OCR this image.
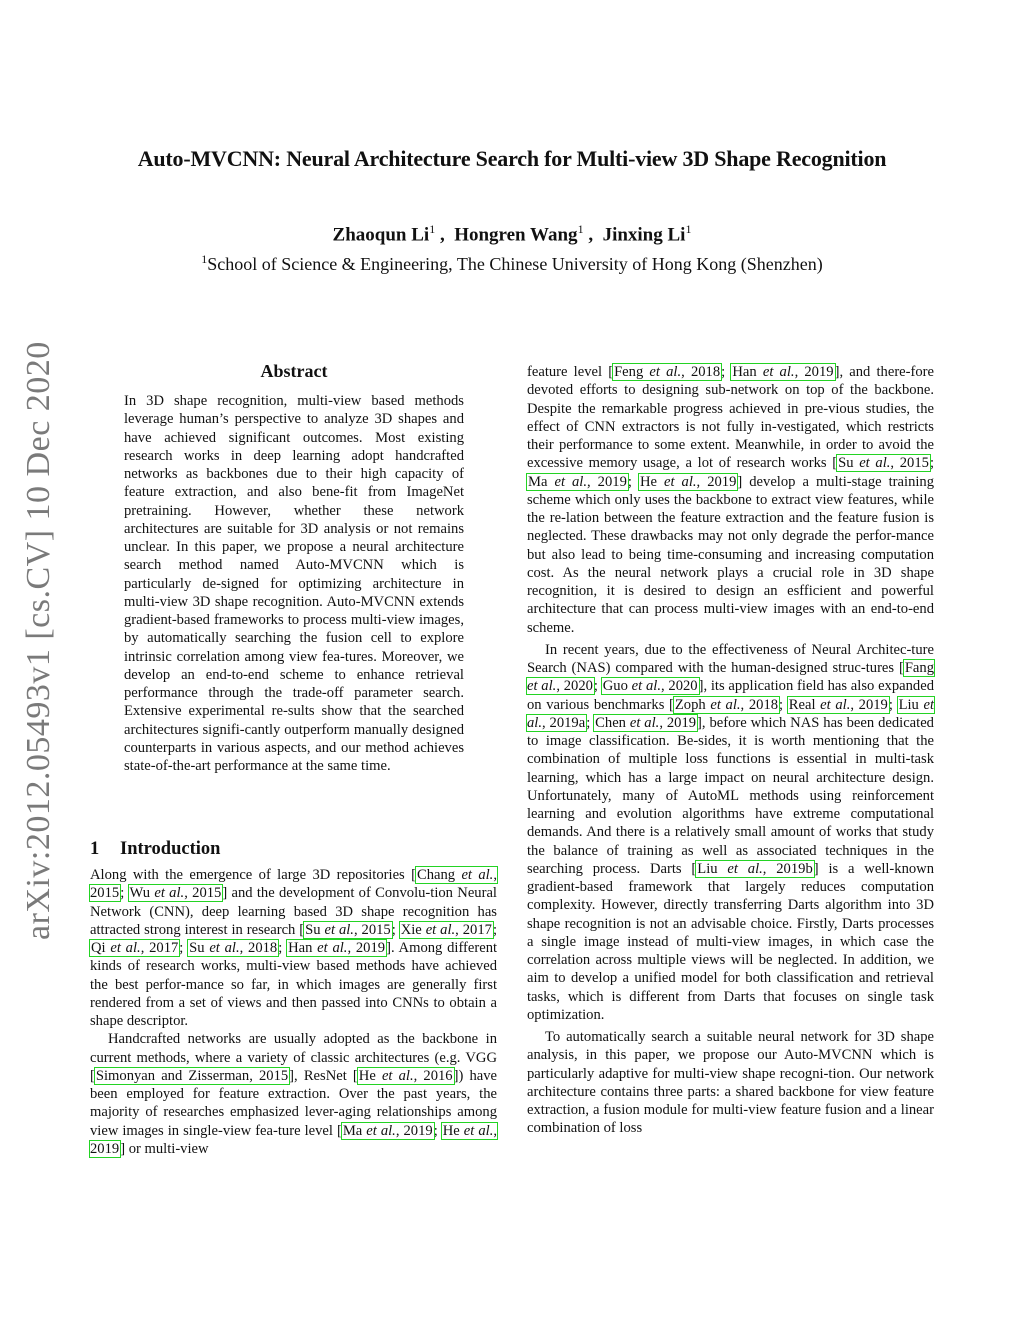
Auto-MVCNN: Neural Architecture Search for Multi-view 3D Shape Recognition
Zhaoqun Li$^1$ ,  Hongren Wang$^1$ ,  Jinxing Li$^1$
$^1$School of Science & Engineering, The Chinese University of Hong Kong (Shenzhen)
arXiv:2012.05493v1 [cs.CV] 10 Dec 2020	Abstract
In 3D shape recognition, multi-view based methods leverage human’s perspective to analyze 3D shapes and have achieved significant outcomes. Most existing research works in deep learning adopt handcrafted networks as backbones due to their high capacity of feature extraction, and also bene-fit from ImageNet pretraining. However, whether these network architectures are suitable for 3D analysis or not remains unclear. In this paper, we propose a neural architecture search method named Auto-MVCNN which is particularly de-signed for optimizing architecture in multi-view 3D shape recognition. Auto-MVCNN extends gradient-based frameworks to process multi-view images, by automatically searching the fusion cell to explore intrinsic correlation among view fea-tures. Moreover, we develop an end-to-end scheme to enhance retrieval performance through the trade-off parameter search. Extensive experimental re-sults show that the searched architectures signifi-cantly outperform manually designed counterparts in various aspects, and our method achieves state-of-the-art performance at the same time.
1 Introduction

Along with the emergence of large 3D repositories [Chang et al., 2015; Wu et al., 2015] and the development of Convolu-tion Neural Network (CNN), deep learning based 3D shape recognition has attracted strong interest in research [Su et al., 2015; Xie et al., 2017; Qi et al., 2017; Su et al., 2018; Han et al., 2019]. Among different kinds of research works, multi-view based methods have achieved the best perfor-mance so far, in which images are generally first rendered from a set of views and then passed into CNNs to obtain a shape descriptor.

Handcrafted networks are usually adopted as the backbone in current methods, where a variety of classic architectures (e.g. VGG [Simonyan and Zisserman, 2015], ResNet [He et al., 2016]) have been employed for feature extraction. Over the past years, the majority of researches emphasized lever-aging relationships among view images in single-view fea-ture level [Ma et al., 2019; He et al., 2019] or multi-view

feature level [Feng et al., 2018; Han et al., 2019], and there-fore devoted efforts to designing sub-network on top of the backbone. Despite the remarkable progress achieved in pre-vious studies, the effect of CNN extractors is not fully in-vestigated, which restricts their performance to some extent. Meanwhile, in order to avoid the excessive memory usage, a lot of research works [Su et al., 2015; Ma et al., 2019; He et al., 2019] develop a multi-stage training scheme which only uses the backbone to extract view features, while the re-lation between the feature extraction and the feature fusion is neglected. These drawbacks may not only degrade the perfor-mance but also lead to being time-consuming and increasing computation cost. As the neural network plays a crucial role in 3D shape recognition, it is desired to design an esfficient and powerful architecture that can process multi-view images with an end-to-end scheme.

In recent years, due to the effectiveness of Neural Architec-ture Search (NAS) compared with the human-designed struc-tures [Fang et al., 2020; Guo et al., 2020], its application field has also expanded on various benchmarks [Zoph et al., 2018; Real et al., 2019; Liu et al., 2019a; Chen et al., 2019], before which NAS has been dedicated to image classification. Be-sides, it is worth mentioning that the combination of multiple loss functions is essential in multi-task learning, which has a large impact on neural architecture design. Unfortunately, many of AutoML methods using reinforcement learning and evolution algorithms have extreme computational demands. And there is a relatively small amount of works that study the balance of training as well as associated techniques in the searching process. Darts [Liu et al., 2019b] is a well-known gradient-based framework that largely reduces computation complexity. However, directly transferring Darts algorithm into 3D shape recognition is not an advisable choice. Firstly, Darts processes a single image instead of multi-view images, in which case the correlation across multiple views will be neglected. In addition, we aim to develop a unified model for both classification and retrieval tasks, which is different from Darts that focuses on single task optimization.

To automatically search a suitable neural network for 3D shape analysis, in this paper, we propose our Auto-MVCNN which is particularly adaptive for multi-view shape recogni-tion. Our network architecture contains three parts: a shared backbone for view feature extraction, a fusion module for multi-view feature fusion and a linear combination of loss
